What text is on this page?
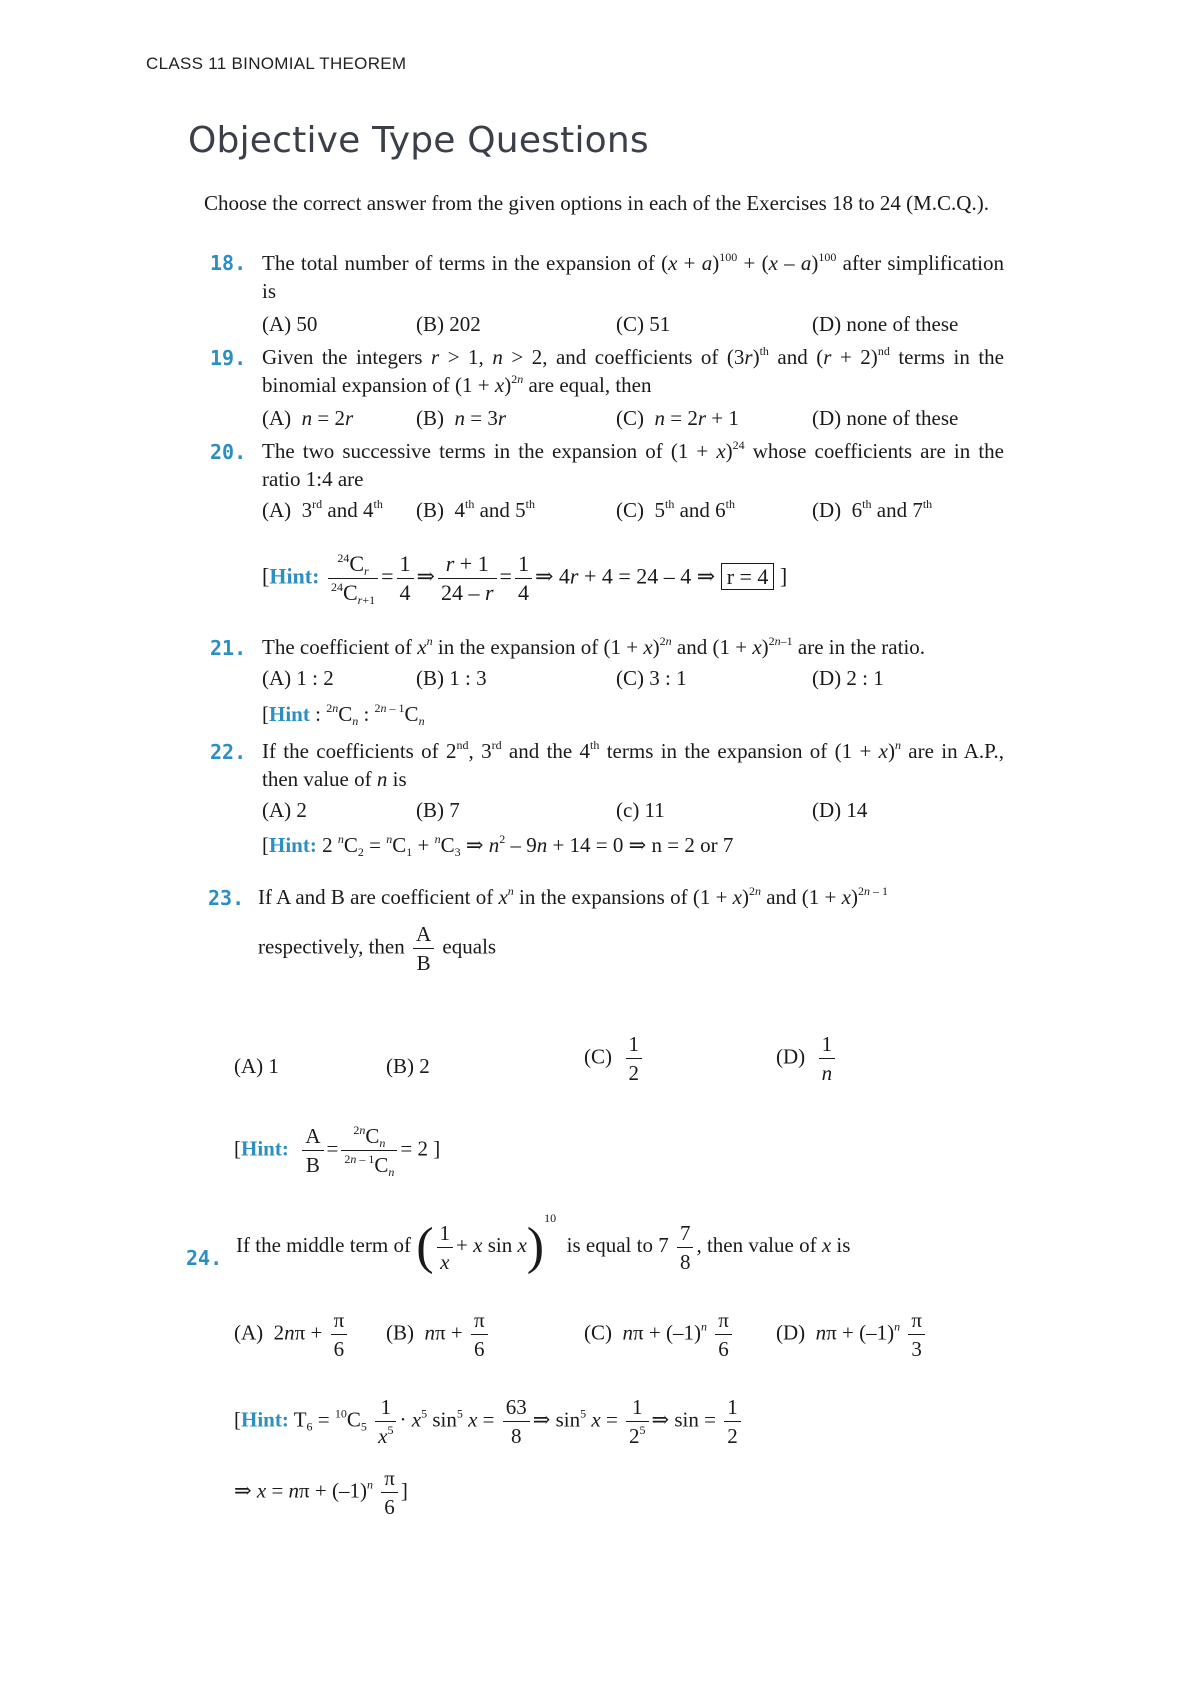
CLASS 11 BINOMIAL THEOREM
Objective Type Questions
Choose the correct answer from the given options in each of the Exercises 18 to 24 (M.C.Q.).
18. The total number of terms in the expansion of $(x + a)^{100} + (x - a)^{100}$ after simplification is
(A) 50	(B) 202	(C) 51	(D) none of these
19. Given the integers r > 1, n > 2, and coefficients of $(3r)^{th}$ and $(r + 2)^{nd}$ terms in the binomial expansion of $(1 + x)^{2n}$ are equal, then
(A)  n = 2r	(B)  n = 3r	(C)  n = 2r + 1	(D) none of these
20. The two successive terms in the expansion of $(1 + x)^{24}$ whose coefficients are in the ratio 1:4 are
(A)  3rd and 4th (B)  4th and 5th	(C)  5th and 6th	(D)  6th and 7th
[Hint: $\frac{^{24}C_r}{^{24}C_{r+1}} = \frac{1}{4}$ ⇒ $\frac{r + 1}{24 - r} = \frac{1}{4}$ ⇒ 4r + 4 = 24 – 4 ⇒ r = 4 ]
21. The coefficient of $x^n$ in the expansion of $(1 + x)^{2n}$ and $(1 + x)^{2n-1}$ are in the ratio.
(A) 1 : 2	(B) 1 : 3	(C) 3 : 1	(D) 2 : 1
[Hint : $^{2n}C_n$ : $^{2n - 1}C_n$
22. If the coefficients of 2nd, 3rd and the 4th terms in the expansion of $(1 + x)^n$ are in A.P., then value of n is
(A) 2	(B) 7	(c) 11	(D) 14
[Hint: 2 $^nC_2 = ^nC_1 + ^nC_3$ ⇒ $n^2 - 9n + 14 = 0$ ⇒ n = 2 or 7
23. If A and B are coefficient of $x^n$ in the expansions of $(1 + x)^{2n}$ and $(1 + x)^{2n - 1}$
respectively, then $\frac{A}{B}$ equals
(A) 1	(B) 2	$(C) \frac{1}{2}$	$(D) \frac{1}{n}$
[Hint: $\frac{A}{B}$ =
$^{2n}C_n$
$^{2n - 1}C_n$
= 2 ]
24.
If the middle term of ( $\frac{1}{x} + x$ sin x)$^{10}$  is equal to $7 \frac{7}{8}$ , then value of x is
(A)  $2n\pi + \frac{\pi}{6} (B) n\pi + \frac{\pi}{6}$	(C) $n\pi + (-1)^n \frac{\pi}{6} (D) n\pi + (-1)^n \frac{\pi}{3}$
[Hint: $T_6 = ^{10}C_5 \frac{1}{x^5} \cdot x^5$ $\sin^5 x = \frac{63}{8}$ ⇒ $\sin^5 x = \frac{1}{2^5}$ ⇒ $\sin = \frac{1}{2}$
⇒ $x = n\pi + (-1)^n \frac{\pi}{6}$ ]
